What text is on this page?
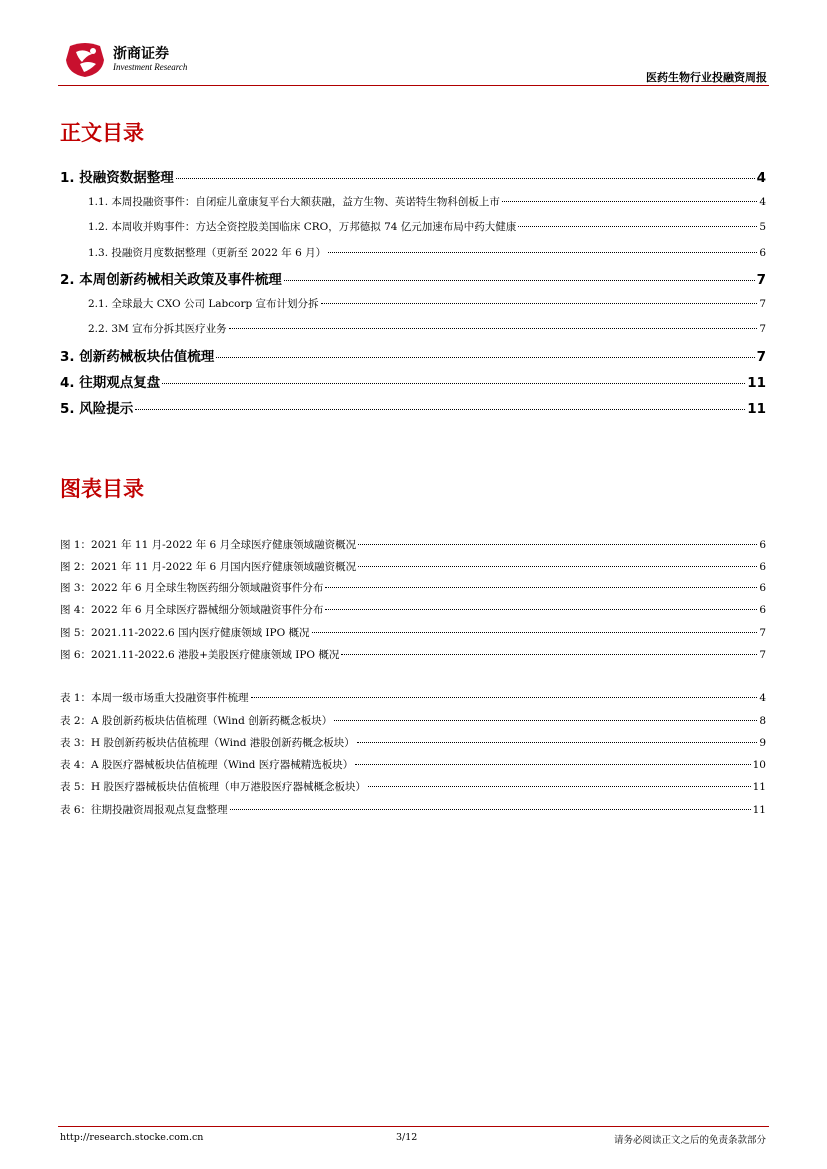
浙商证券
Investment Research
医药生物行业投融资周报
正文目录
1. 投融资数据整理	4
1.1. 本周投融资事件：自闭症儿童康复平台大额获融，益方生物、英诺特生物科创板上市	4
1.2. 本周收并购事件：方达全资控股美国临床 CRO，万邦德拟 74 亿元加速布局中药大健康	5
1.3. 投融资月度数据整理（更新至 2022 年 6 月）	6
2. 本周创新药械相关政策及事件梳理	7
2.1. 全球最大 CXO 公司 Labcorp 宣布计划分拆	7
2.2. 3M 宣布分拆其医疗业务	7
3. 创新药械板块估值梳理	7
4. 往期观点复盘	11
5. 风险提示	11
图表目录
图 1：2021 年 11 月-2022 年 6 月全球医疗健康领域融资概况	6
图 2：2021 年 11 月-2022 年 6 月国内医疗健康领域融资概况	6
图 3：2022 年 6 月全球生物医药细分领域融资事件分布	6
图 4：2022 年 6 月全球医疗器械细分领域融资事件分布	6
图 5：2021.11-2022.6 国内医疗健康领域 IPO 概况	7
图 6：2021.11-2022.6 港股+美股医疗健康领域 IPO 概况	7
表 1：本周一级市场重大投融资事件梳理	4
表 2：A 股创新药板块估值梳理（Wind 创新药概念板块）	8
表 3：H 股创新药板块估值梳理（Wind 港股创新药概念板块）	9
表 4：A 股医疗器械板块估值梳理（Wind 医疗器械精选板块）	10
表 5：H 股医疗器械板块估值梳理（申万港股医疗器械概念板块）	11
表 6：往期投融资周报观点复盘整理	11
http://research.stocke.com.cn	3/12	请务必阅读正文之后的免责条款部分
